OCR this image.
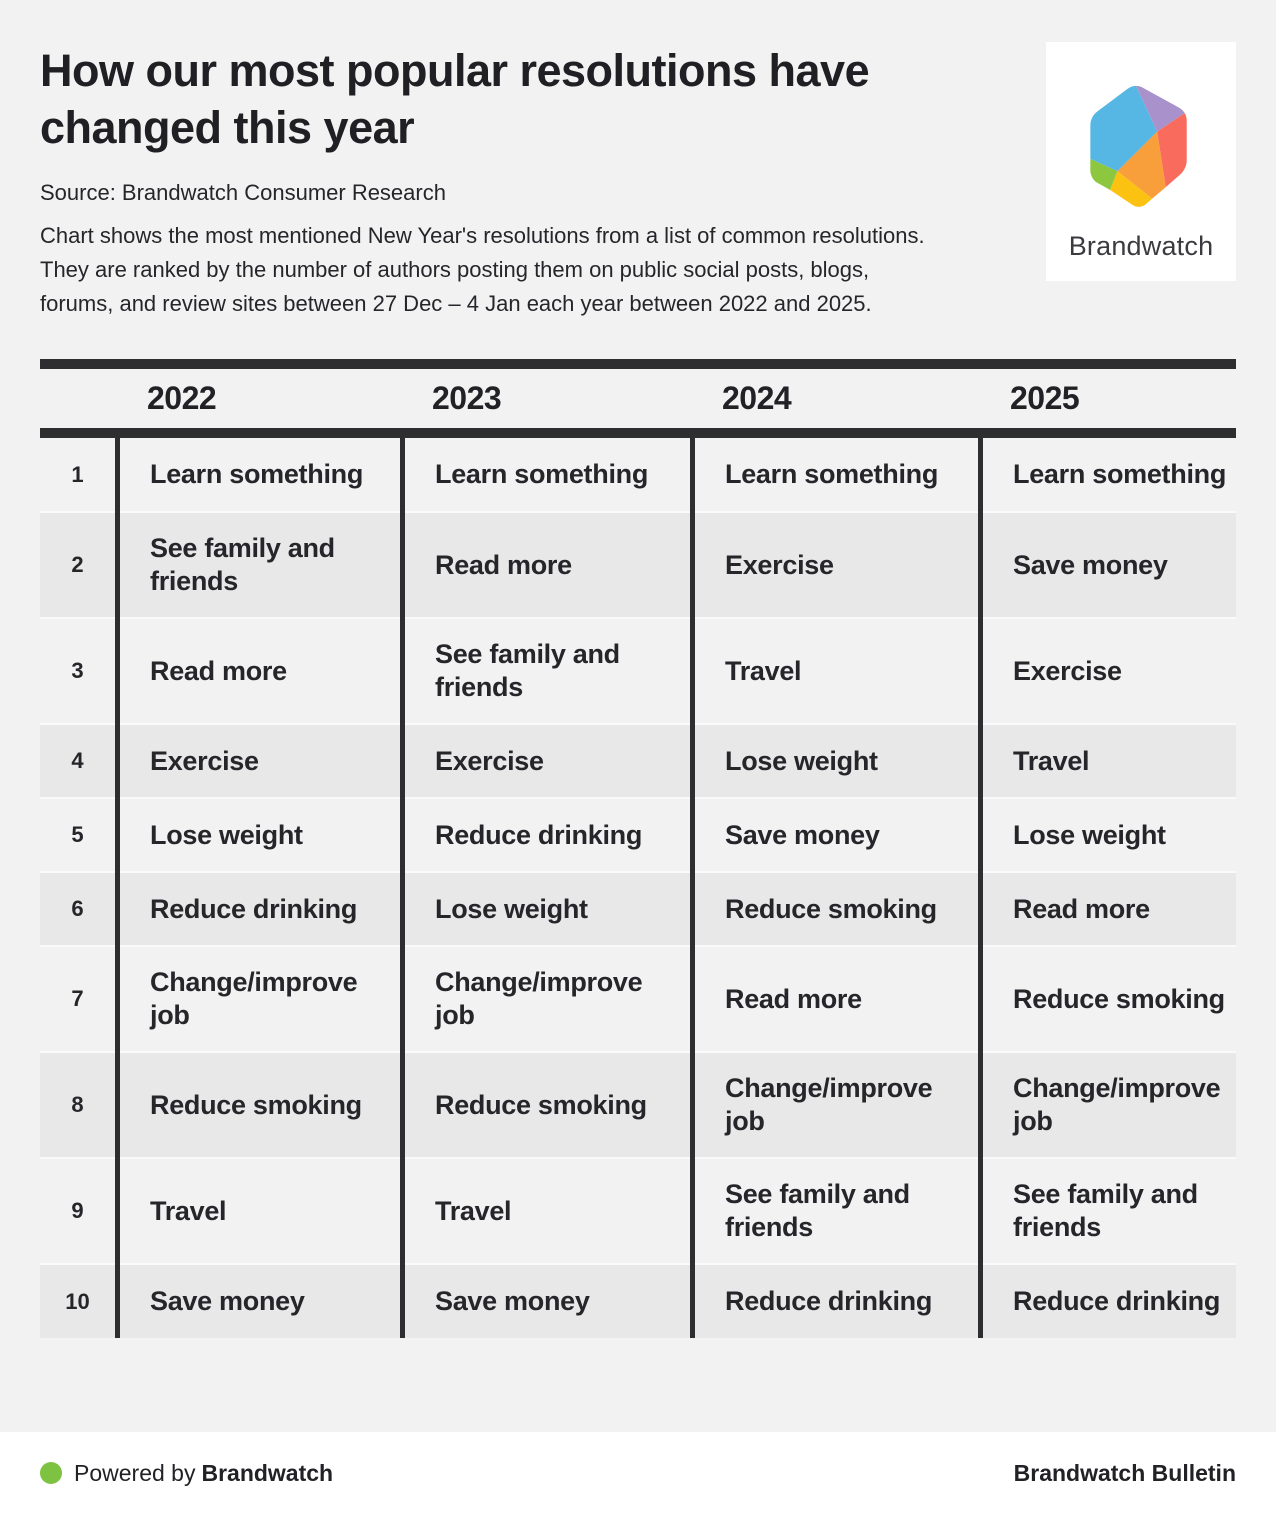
Brandwatch
How our most popular resolutions have changed this year

Source: Brandwatch Consumer Research

Chart shows the most mentioned New Year's resolutions from a list of common resolutions. They are ranked by the number of authors posting them on public social posts, blogs, forums, and review sites between 27 Dec – 4 Jan each year between 2022 and 2025.

2022	2023	2024	2025
1	Learn something	Learn something	Learn something	Learn something
2	See family and friends	Read more	Exercise	Save money
3	Read more	See family and friends	Travel	Exercise
4	Exercise	Exercise	Lose weight	Travel
5	Lose weight	Reduce drinking	Save money	Lose weight
6	Reduce drinking	Lose weight	Reduce smoking	Read more
7	Change/improve job	Change/improve job	Read more	Reduce smoking
8	Reduce smoking	Reduce smoking	Change/improve job	Change/improve job
9	Travel	Travel	See family and friends	See family and friends
10	Save money	Save money	Reduce drinking	Reduce drinking
Powered by Brandwatch	Brandwatch Bulletin
